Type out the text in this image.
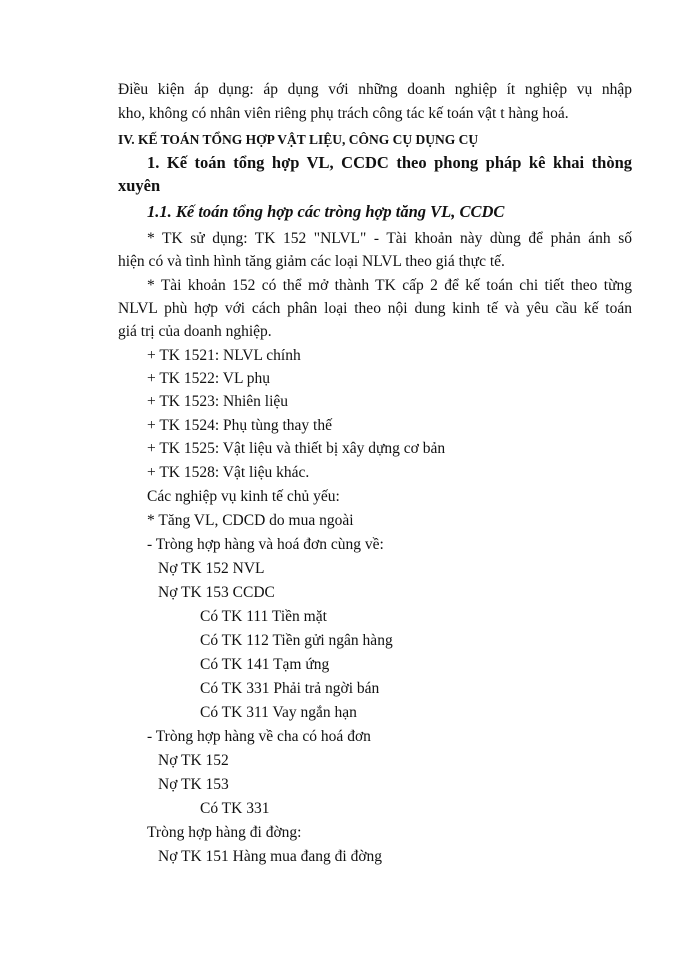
Điều kiện áp dụng: áp dụng với những doanh nghiệp ít nghiệp vụ nhập
kho, không có nhân viên riêng phụ trách công tác kế toán vật t hàng hoá.
IV. KẾ TOÁN TỔNG HỢP VẬT LIỆU, CÔNG CỤ DỤNG CỤ
1. Kế toán tổng hợp VL, CCDC theo phong pháp kê khai thòng
xuyên
1.1. Kế toán tổng hợp các tròng hợp tăng VL, CCDC
* TK sử dụng: TK 152 "NLVL" - Tài khoản này dùng để phản ánh số
hiện có và tình hình tăng giảm các loại NLVL theo giá thực tế.
* Tài khoản 152 có thể mở thành TK cấp 2 để kế toán chi tiết theo từng
NLVL phù hợp với cách phân loại theo nội dung kinh tế và yêu cầu kế toán
giá trị của doanh nghiệp.
+ TK 1521: NLVL chính
+ TK 1522: VL phụ
+ TK 1523: Nhiên liệu
+ TK 1524: Phụ tùng thay thế
+ TK 1525: Vật liệu và thiết bị xây dựng cơ bản
+ TK 1528: Vật liệu khác.
Các nghiệp vụ kinh tế chủ yếu:
* Tăng VL, CDCD do mua ngoài
- Tròng hợp hàng và hoá đơn cùng về:
Nợ TK 152 NVL
Nợ TK 153 CCDC
Có TK 111 Tiền mặt
Có TK 112 Tiền gửi ngân hàng
Có TK 141 Tạm ứng
Có TK 331 Phải trả ngời bán
Có TK 311 Vay ngắn hạn
- Tròng hợp hàng về cha có hoá đơn
Nợ TK 152
Nợ TK 153
Có TK 331
Tròng hợp hàng đi đờng:
Nợ TK 151 Hàng mua đang đi đờng
